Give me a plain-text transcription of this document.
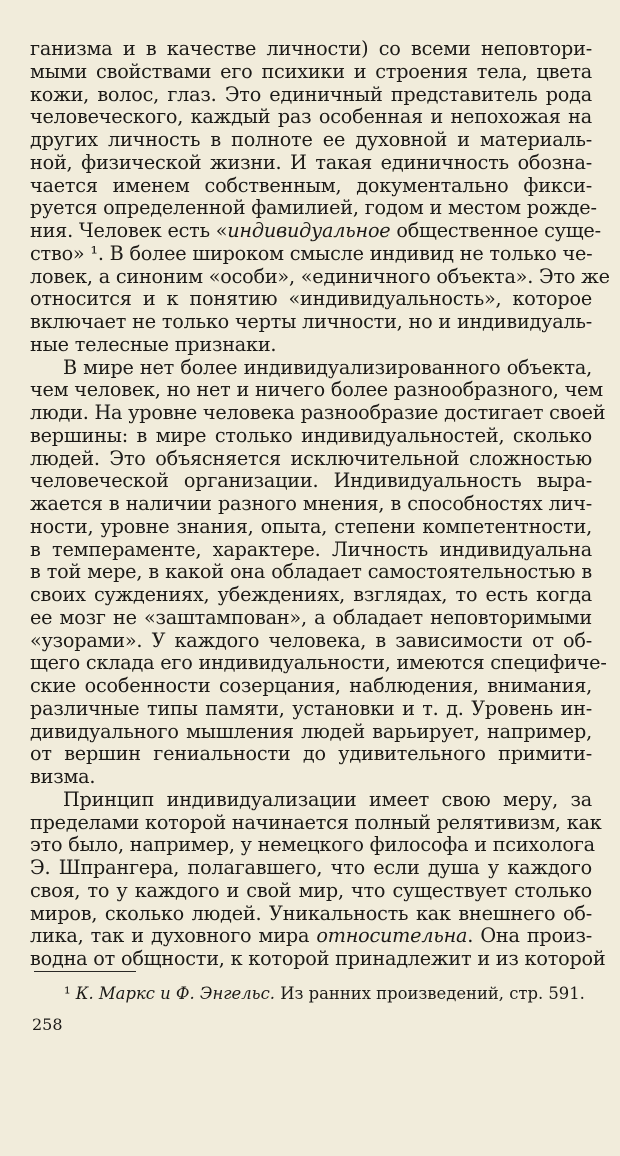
ганизма и в качестве личности) со всеми неповтори-
мыми свойствами его психики и строения тела, цвета
кожи, волос, глаз. Это единичный представитель рода
человеческого, каждый раз особенная и непохожая на
других личность в полноте ее духовной и материаль-
ной, физической жизни. И такая единичность обозна-
чается именем собственным, документально фикси-
руется определенной фамилией, годом и местом рожде-
ния. Человек есть «индивидуальное общественное суще-
ство» ¹. В более широком смысле индивид не только че-
ловек, а синоним «особи», «единичного объекта». Это же
относится и к понятию «индивидуальность», которое
включает не только черты личности, но и индивидуаль-
ные телесные признаки.
В мире нет более индивидуализированного объекта,
чем человек, но нет и ничего более разнообразного, чем
люди. На уровне человека разнообразие достигает своей
вершины: в мире столько индивидуальностей, сколько
людей. Это объясняется исключительной сложностью
человеческой организации. Индивидуальность выра-
жается в наличии разного мнения, в способностях лич-
ности, уровне знания, опыта, степени компетентности,
в темпераменте, характере. Личность индивидуальна
в той мере, в какой она обладает самостоятельностью в
своих суждениях, убеждениях, взглядах, то есть когда
ее мозг не «заштампован», а обладает неповторимыми
«узорами». У каждого человека, в зависимости от об-
щего склада его индивидуальности, имеются специфиче-
ские особенности созерцания, наблюдения, внимания,
различные типы памяти, установки и т. д. Уровень ин-
дивидуального мышления людей варьирует, например,
от вершин гениальности до удивительного примити-
визма.
Принцип индивидуализации имеет свою меру, за
пределами которой начинается полный релятивизм, как
это было, например, у немецкого философа и психолога
Э. Шпрангера, полагавшего, что если душа у каждого
своя, то у каждого и свой мир, что существует столько
миров, сколько людей. Уникальность как внешнего об-
лика, так и духовного мира относительна. Она произ-
водна от общности, к которой принадлежит и из которой
¹ К. Маркс и Ф. Энгельс. Из ранних произведений, стр. 591.
258
